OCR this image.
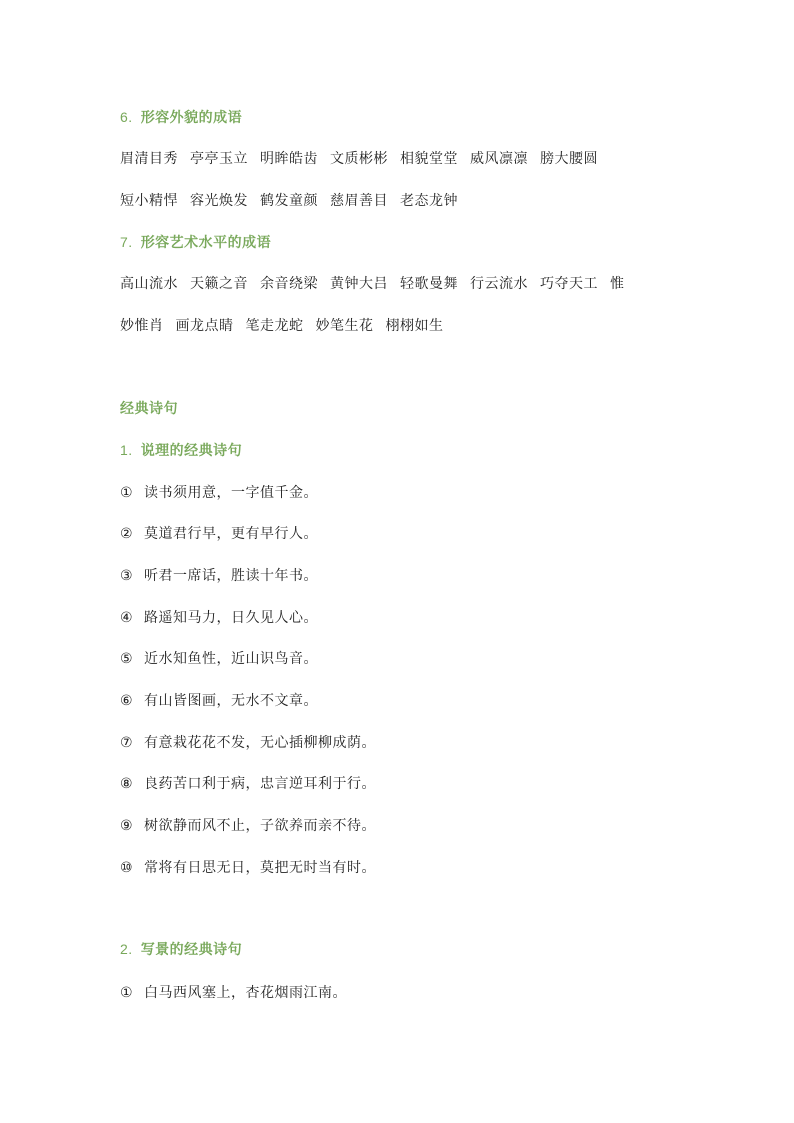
6. 形容外貌的成语
眉清目秀 亭亭玉立 明眸皓齿 文质彬彬 相貌堂堂 威风凛凛 膀大腰圆
短小精悍 容光焕发 鹤发童颜 慈眉善目 老态龙钟
7. 形容艺术水平的成语
高山流水 天籁之音 余音绕梁 黄钟大吕 轻歌曼舞 行云流水 巧夺天工 惟
妙惟肖 画龙点睛 笔走龙蛇 妙笔生花 栩栩如生
经典诗句
1. 说理的经典诗句
① 读书须用意，一字值千金。
② 莫道君行早，更有早行人。
③ 听君一席话，胜读十年书。
④ 路遥知马力，日久见人心。
⑤ 近水知鱼性，近山识鸟音。
⑥ 有山皆图画，无水不文章。
⑦ 有意栽花花不发，无心插柳柳成荫。
⑧ 良药苦口利于病，忠言逆耳利于行。
⑨ 树欲静而风不止，子欲养而亲不待。
⑩ 常将有日思无日，莫把无时当有时。
2. 写景的经典诗句
① 白马西风塞上，杏花烟雨江南。
